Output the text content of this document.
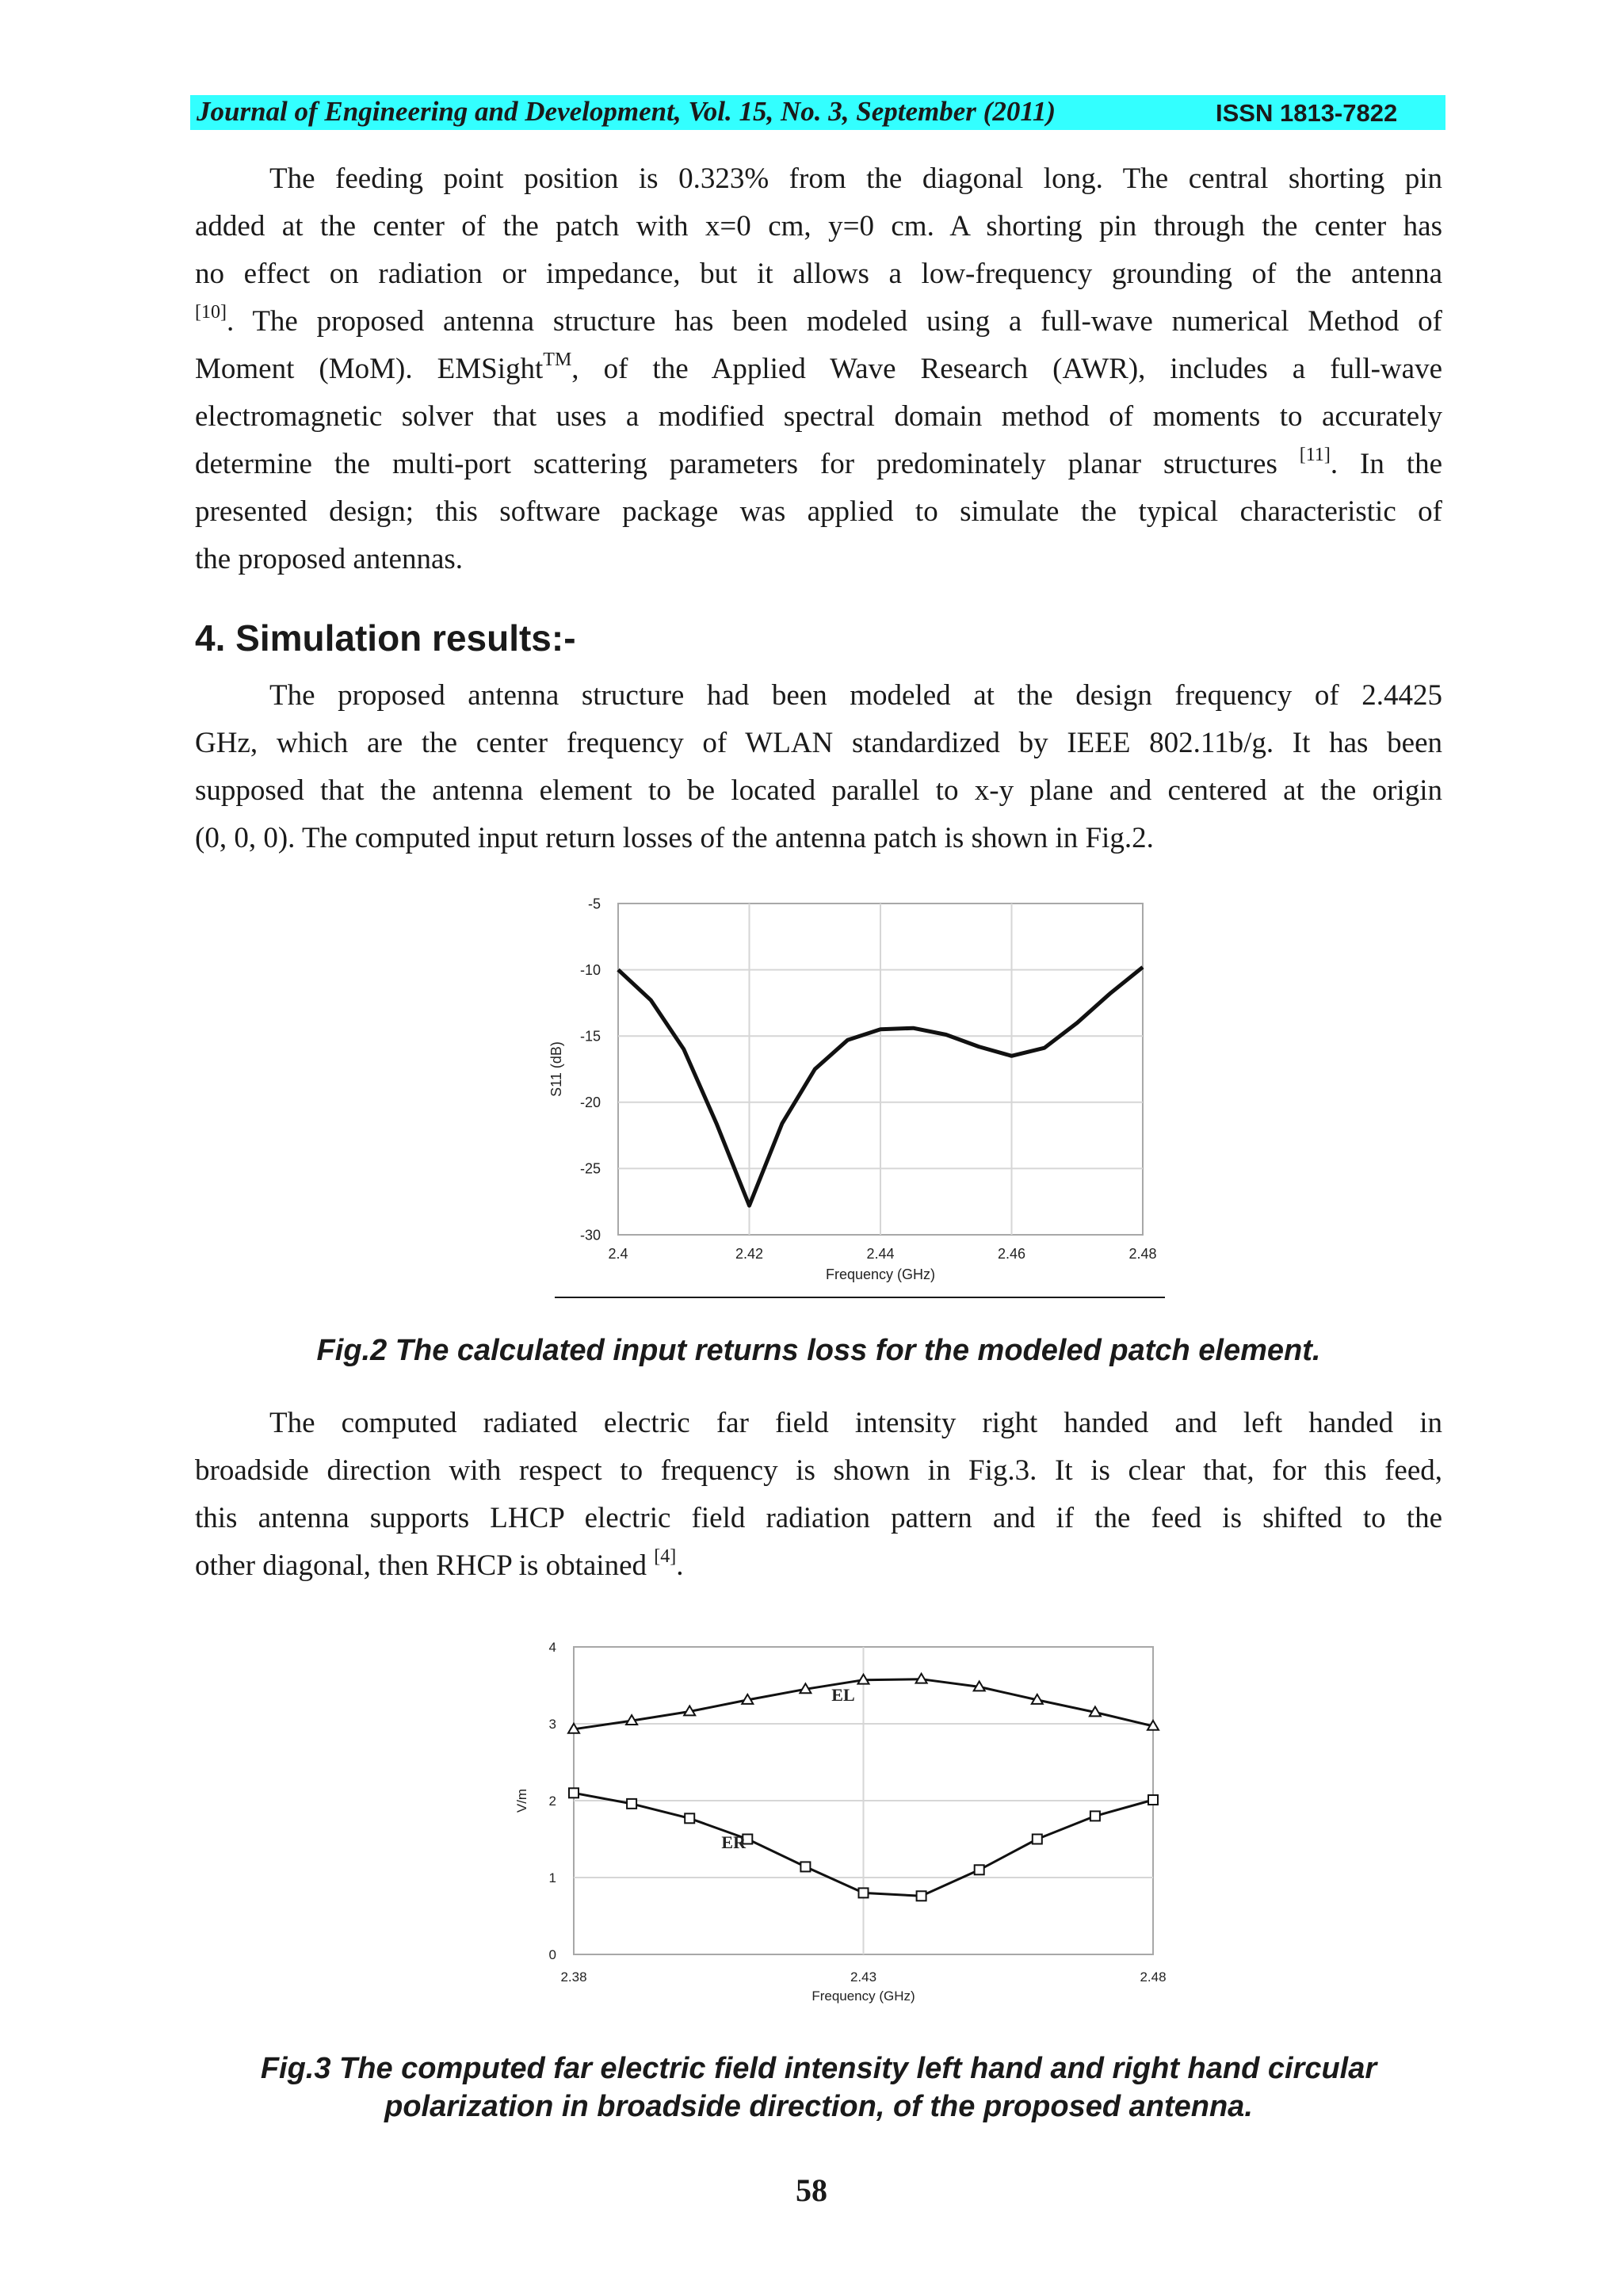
Journal of Engineering and Development, Vol. 15, No. 3, September (2011)	ISSN 1813-7822
The feeding point position is 0.323% from the diagonal long. The central shorting pin
added at the center of the patch with x=0 cm, y=0 cm. A shorting pin through the center has
no effect on radiation or impedance, but it allows a low-frequency grounding of the antenna
[10]. The proposed antenna structure has been modeled using a full-wave numerical Method of
Moment (MoM). EMSight™, of the Applied Wave Research (AWR), includes a full-wave
electromagnetic solver that uses a modified spectral domain method of moments to accurately
determine the multi-port scattering parameters for predominately planar structures [11]. In the
presented design; this software package was applied to simulate the typical characteristic of
the proposed antennas.
4. Simulation results:-
The proposed antenna structure had been modeled at the design frequency of 2.4425
GHz, which are the center frequency of WLAN standardized by IEEE 802.11b/g. It has been
supposed that the antenna element to be located parallel to x-y plane and centered at the origin
(0, 0, 0). The computed input return losses of the antenna patch is shown in Fig.2.
2.4	2.42	2.44	2.46	2.48
-5
-10
-15
-20
-25
-30
Frequency (GHz)
S11 (dB)

Fig.2 The calculated input returns loss for the modeled patch element.

The computed radiated electric far field intensity right handed and left handed in
broadside direction with respect to frequency is shown in Fig.3. It is clear that, for this feed,
this antenna supports LHCP electric field radiation pattern and if the feed is shifted to the
other diagonal, then RHCP is obtained [4].
2.38	2.43	2.48
0
1
2
3
4
Frequency (GHz)
V/m
EL
ER

Fig.3 The computed far electric field intensity left hand and right hand circular
polarization in broadside direction, of the proposed antenna.

58
